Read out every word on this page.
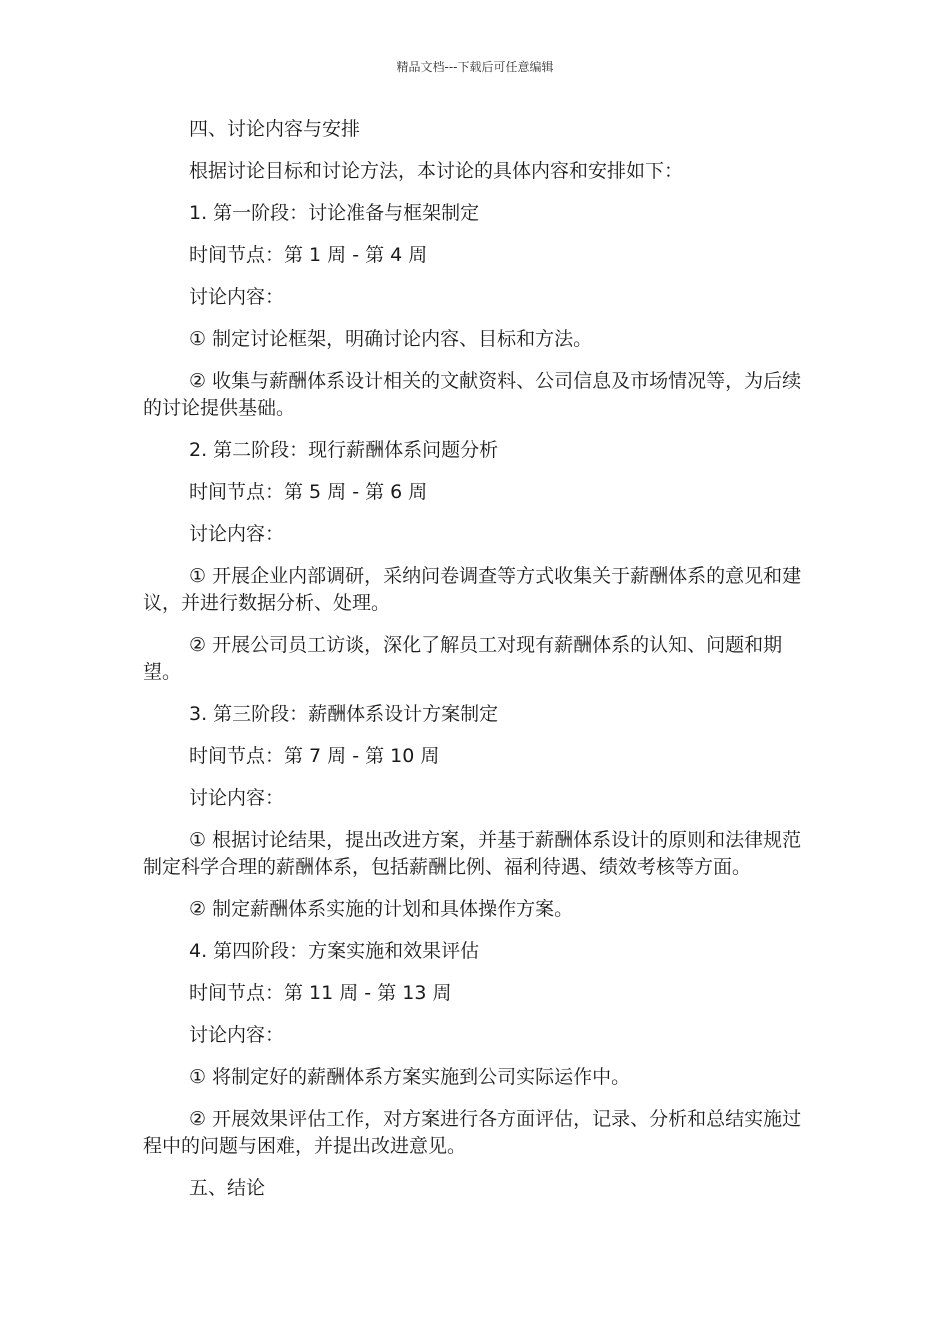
精品文档---下载后可任意编辑

四、讨论内容与安排

根据讨论目标和讨论方法，本讨论的具体内容和安排如下：

1. 第一阶段：讨论准备与框架制定

时间节点：第 1 周 - 第 4 周

讨论内容：

① 制定讨论框架，明确讨论内容、目标和方法。

② 收集与薪酬体系设计相关的文献资料、公司信息及市场情况等，为后续的讨论提供基础。

2. 第二阶段：现行薪酬体系问题分析

时间节点：第 5 周 - 第 6 周

讨论内容：

① 开展企业内部调研，采纳问卷调查等方式收集关于薪酬体系的意见和建议，并进行数据分析、处理。

② 开展公司员工访谈，深化了解员工对现有薪酬体系的认知、问题和期望。

3. 第三阶段：薪酬体系设计方案制定

时间节点：第 7 周 - 第 10 周

讨论内容：

① 根据讨论结果，提出改进方案，并基于薪酬体系设计的原则和法律规范制定科学合理的薪酬体系，包括薪酬比例、福利待遇、绩效考核等方面。

② 制定薪酬体系实施的计划和具体操作方案。

4. 第四阶段：方案实施和效果评估

时间节点：第 11 周 - 第 13 周

讨论内容：

① 将制定好的薪酬体系方案实施到公司实际运作中。

② 开展效果评估工作，对方案进行各方面评估，记录、分析和总结实施过程中的问题与困难，并提出改进意见。

五、结论
